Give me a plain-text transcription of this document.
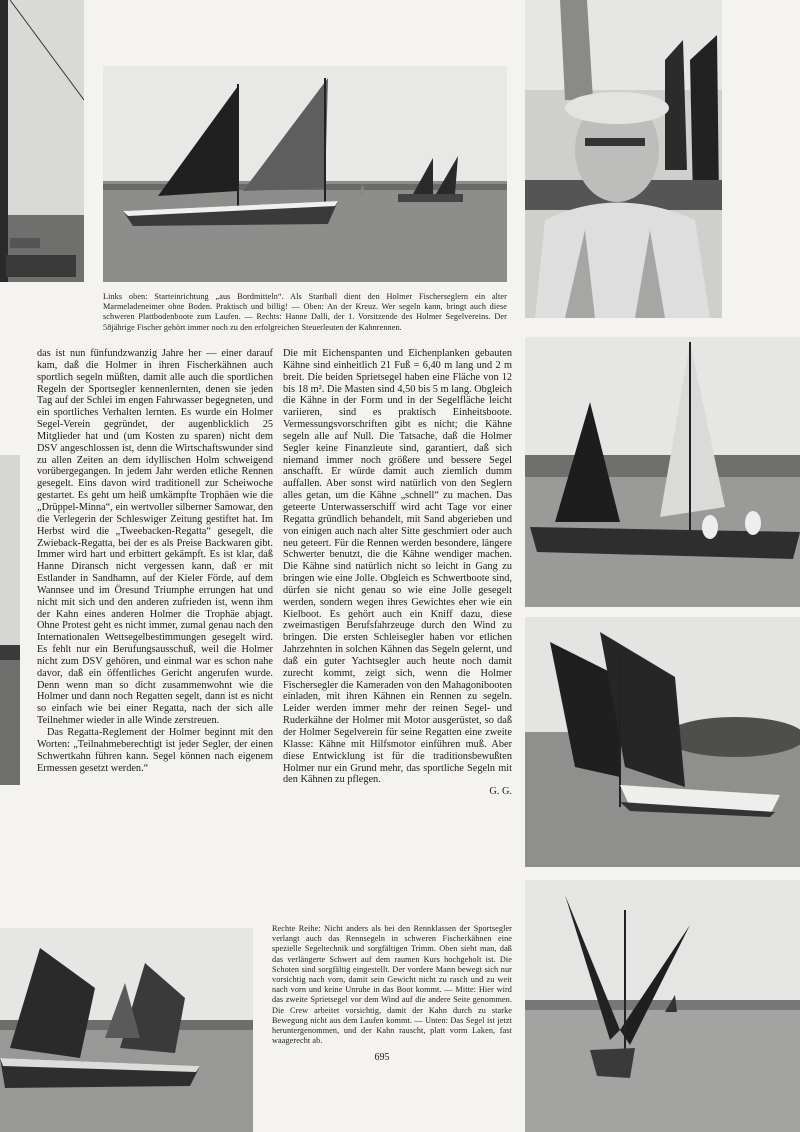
Links oben: Starteinrichtung „aus Bordmitteln“. Als Startball dient den Holmer Fischerseglern ein alter Marmeladeneimer ohne Boden. Praktisch und billig! — Oben: An der Kreuz. Wer segeln kann, bringt auch diese schweren Plattbodenboote zum Laufen. — Rechts: Hanne Dalli, der 1. Vorsitzende des Holmer Segelvereins. Der 58jährige Fischer gehört immer noch zu den erfolgreichen Steuerleuten der Kahnrennen.

das ist nun fünfundzwanzig Jahre her — einer darauf kam, daß die Holmer in ihren Fischerkähnen auch sportlich segeln müßten, damit alle auch die sportlichen Regeln der Sportsegler kennenlernten, denen sie jeden Tag auf der Schlei im engen Fahrwasser begegneten, und ein sportliches Verhalten lernten. Es wurde ein Holmer Segel-Verein gegründet, der augenblicklich 25 Mitglieder hat und (um Kosten zu sparen) nicht dem DSV angeschlossen ist, denn die Wirtschaftswunder sind zu allen Zeiten an dem idyllischen Holm schweigend vorübergegangen. In jedem Jahr werden etliche Rennen gesegelt. Eins davon wird traditionell zur Scheiwoche gestartet. Es geht um heiß umkämpfte Trophäen wie die „Drüppel-Minna“, ein wertvoller silberner Samowar, den die Verlegerin der Schleswiger Zeitung gestiftet hat. Im Herbst wird die „Tweebacken-Regatta“ gesegelt, die Zwieback-Regatta, bei der es als Preise Backwaren gibt. Immer wird hart und erbittert gekämpft. Es ist klar, daß Hanne Diransch nicht vergessen kann, daß er mit Estlander in Sandhamn, auf der Kieler Förde, auf dem Wannsee und im Öresund Triumphe errungen hat und nicht mit sich und den anderen zufrieden ist, wenn ihm der Kahn eines anderen Holmer die Trophäe abjagt. Ohne Protest geht es nicht immer, zumal genau nach den Internationalen Wettsegelbestimmungen gesegelt wird. Es fehlt nur ein Berufungsausschuß, weil die Holmer nicht zum DSV gehören, und einmal war es schon nahe davor, daß ein öffentliches Gericht angerufen wurde. Denn wenn man so dicht zusammenwohnt wie die Holmer und dann noch Regatten segelt, dann ist es nicht so einfach wie bei einer Regatta, nach der sich alle Teilnehmer wieder in alle Winde zerstreuen.

Das Regatta-Reglement der Holmer beginnt mit den Worten: „Teilnahmeberechtigt ist jeder Segler, der einen Schwertkahn führen kann. Segel können nach eigenem Ermessen gesetzt werden.“

Die mit Eichenspanten und Eichenplanken gebauten Kähne sind einheitlich 21 Fuß = 6,40 m lang und 2 m breit. Die beiden Sprietsegel haben eine Fläche von 12 bis 18 m². Die Masten sind 4,50 bis 5 m lang. Obgleich die Kähne in der Form und in der Segelfläche leicht variieren, sind es praktisch Einheitsboote. Vermessungsvorschriften gibt es nicht; die Kähne segeln alle auf Null. Die Tatsache, daß die Holmer Segler keine Finanzleute sind, garantiert, daß sich niemand immer noch größere und bessere Segel anschafft. Er würde damit auch ziemlich dumm auffallen. Aber sonst wird natürlich von den Seglern alles getan, um die Kähne „schnell“ zu machen. Das geteerte Unterwasserschiff wird acht Tage vor einer Regatta gründlich behandelt, mit Sand abgerieben und von einigen auch nach alter Sitte geschmiert oder auch neu geteert. Für die Rennen werden besondere, längere Schwerter benutzt, die die Kähne wendiger machen. Die Kähne sind natürlich nicht so leicht in Gang zu bringen wie eine Jolle. Obgleich es Schwertboote sind, dürfen sie nicht genau so wie eine Jolle gesegelt werden, sondern wegen ihres Gewichtes eher wie ein Kielboot. Es gehört auch ein Kniff dazu, diese zweimastigen Berufsfahrzeuge durch den Wind zu bringen. Die ersten Schleisegler haben vor etlichen Jahrzehnten in solchen Kähnen das Segeln gelernt, und daß ein guter Yachtsegler auch heute noch damit zurecht kommt, zeigt sich, wenn die Holmer Fischersegler die Kameraden von den Mahagonibooten einladen, mit ihren Kähnen ein Rennen zu segeln. Leider werden immer mehr der reinen Segel- und Ruderkähne der Holmer mit Motor ausgerüstet, so daß der Holmer Segelverein für seine Regatten eine zweite Klasse: Kähne mit Hilfsmotor einführen muß. Aber diese Entwicklung ist für die traditionsbewußten Holmer nur ein Grund mehr, das sportliche Segeln mit den Kähnen zu pflegen.

G. G.

Rechte Reihe: Nicht anders als bei den Rennklassen der Sportsegler verlangt auch das Rennsegeln in schweren Fischerkähnen eine spezielle Segeltechnik und sorgfältigen Trimm. Oben sieht man, daß das verlängerte Schwert auf dem raumen Kurs hochgeholt ist. Die Schoten sind sorgfältig eingestellt. Der vordere Mann bewegt sich nur vorsichtig nach vorn, damit sein Gewicht nicht zu rasch und zu weit nach vorn und keine Unruhe in das Boot kommt. — Mitte: Hier wird das zweite Sprietsegel vor dem Wind auf die andere Seite genommen. Die Crew arbeitet vorsichtig, damit der Kahn durch zu starke Bewegung nicht aus dem Laufen kommt. — Unten: Das Segel ist jetzt heruntergenommen, und der Kahn rauscht, platt vorm Laken, fast waagerecht ab.

695
